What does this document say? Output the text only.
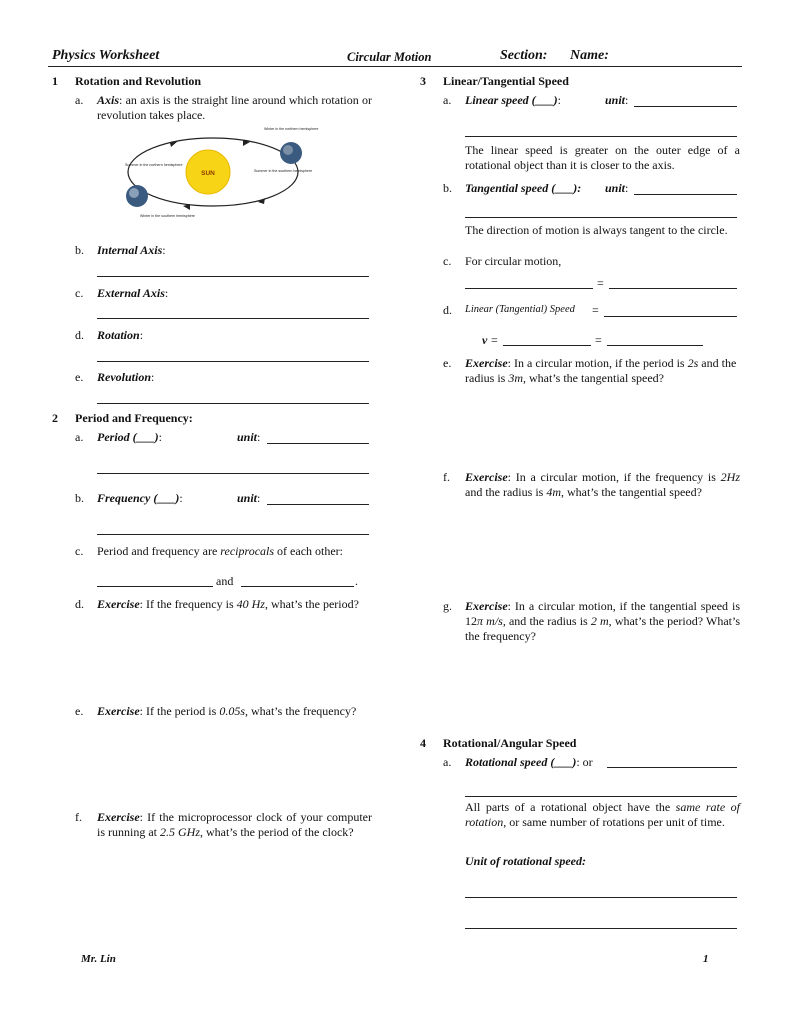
Physics Worksheet	Circular Motion	Section: Name:
1 Rotation and Revolution
a. Axis: an axis is the straight line around which rotation or revolution takes place.
SUN
Winter in the northern hemisphere
Summer in the northern hemisphere
Summer in the southern hemisphere
Winter in the southern hemisphere
b. Internal Axis:
c. External Axis:
d. Rotation:
e. Revolution:
2 Period and Frequency:
a. Period (___):	unit:
b. Frequency (___):	unit:
c. Period and frequency are reciprocals of each other:
and	.
d. Exercise: If the frequency is 40 Hz, what’s the period?
e. Exercise: If the period is 0.05s, what’s the frequency?
f. Exercise: If the microprocessor clock of your computer is running at 2.5 GHz, what’s the period of the clock?
3 Linear/Tangential Speed
a. Linear speed (___):	unit:
The linear speed is greater on the outer edge of a rotational object than it is closer to the axis.
b. Tangential speed (___): unit:
The direction of motion is always tangent to the circle.
c. For circular motion,
=
d. Linear (Tangential) Speed =
v =	=
e. Exercise: In a circular motion, if the period is 2s and the radius is 3m, what’s the tangential speed?
f. Exercise: In a circular motion, if the frequency is 2Hz and the radius is 4m, what’s the tangential speed?
g. Exercise: In a circular motion, if the tangential speed is 12π m/s, and the radius is 2 m, what’s the period? What’s the frequency?
4 Rotational/Angular Speed
a. Rotational speed (___): or
All parts of a rotational object have the same rate of rotation, or same number of rotations per unit of time.
Unit of rotational speed:
Mr. Lin	1
